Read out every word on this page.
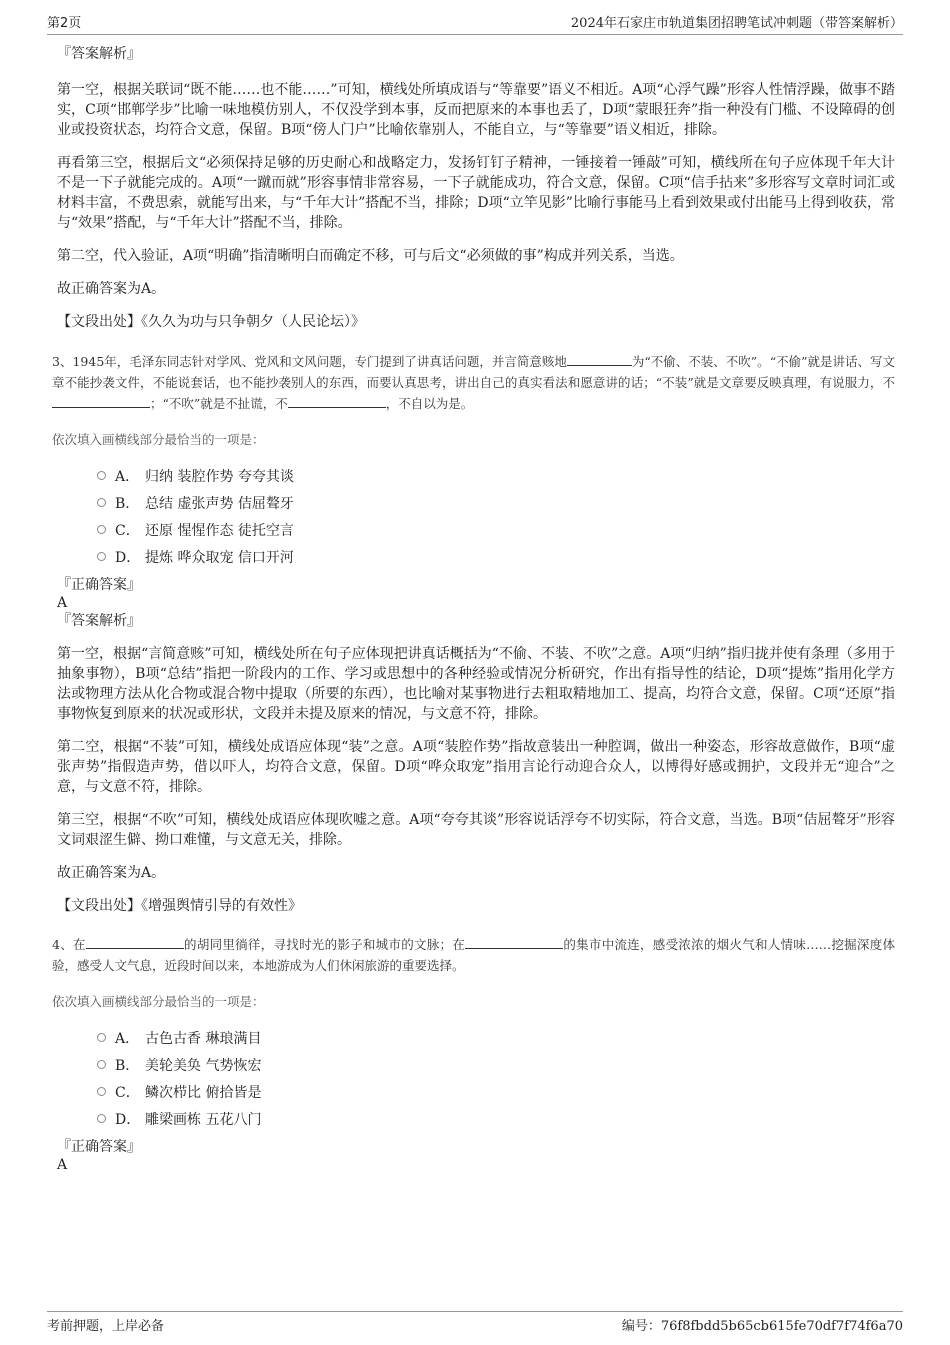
第2页	2024年石家庄市轨道集团招聘笔试冲刺题（带答案解析）

『答案解析』

第一空，根据关联词“既不能……也不能……”可知，横线处所填成语与“等靠要”语义不相近。A项“心浮气躁”形容人性情浮躁，做事不踏实，C项“邯郸学步”比喻一味地模仿别人，不仅没学到本事，反而把原来的本事也丢了，D项“蒙眼狂奔”指一种没有门槛、不设障碍的创业或投资状态，均符合文意，保留。B项“傍人门户”比喻依靠别人，不能自立，与“等靠要”语义相近，排除。

再看第三空，根据后文“必须保持足够的历史耐心和战略定力，发扬钉钉子精神，一锤接着一锤敲”可知，横线所在句子应体现千年大计不是一下子就能完成的。A项“一蹴而就”形容事情非常容易，一下子就能成功，符合文意，保留。C项“信手拈来”多形容写文章时词汇或材料丰富，不费思索，就能写出来，与“千年大计”搭配不当，排除；D项“立竿见影”比喻行事能马上看到效果或付出能马上得到收获，常与“效果”搭配，与“千年大计”搭配不当，排除。

第二空，代入验证，A项“明确”指清晰明白而确定不移，可与后文“必须做的事”构成并列关系，当选。

故正确答案为A。

【文段出处】《久久为功与只争朝夕（人民论坛）》

3、1945年，毛泽东同志针对学风、党风和文风问题，专门提到了讲真话问题，并言简意赅地	为“不偷、不装、不吹”。“不偷”就是讲话、写文章不能抄袭文件，不能说套话，也不能抄袭别人的东西，而要认真思考，讲出自己的真实看法和愿意讲的话；“不装”就是文章要反映真理，有说服力，不；“不吹”就是不扯谎，不	，不自以为是。

依次填入画横线部分最恰当的一项是：

A． 归纳 装腔作势 夸夸其谈
B． 总结 虚张声势 佶屈聱牙
C． 还原 惺惺作态 徒托空言
D． 提炼 哗众取宠 信口开河

『正确答案』

A

『答案解析』

第一空，根据“言简意赅”可知，横线处所在句子应体现把讲真话概括为“不偷、不装、不吹”之意。A项“归纳”指归拢并使有条理（多用于抽象事物），B项“总结”指把一阶段内的工作、学习或思想中的各种经验或情况分析研究，作出有指导性的结论，D项“提炼”指用化学方法或物理方法从化合物或混合物中提取（所要的东西），也比喻对某事物进行去粗取精地加工、提高，均符合文意，保留。C项“还原”指事物恢复到原来的状况或形状，文段并未提及原来的情况，与文意不符，排除。

第二空，根据“不装”可知，横线处成语应体现“装”之意。A项“装腔作势”指故意装出一种腔调，做出一种姿态，形容故意做作，B项“虚张声势”指假造声势，借以吓人，均符合文意，保留。D项“哗众取宠”指用言论行动迎合众人，以博得好感或拥护，文段并无“迎合”之意，与文意不符，排除。

第三空，根据“不吹”可知，横线处成语应体现吹嘘之意。A项“夸夸其谈”形容说话浮夸不切实际，符合文意，当选。B项“佶屈聱牙”形容文词艰涩生僻、拗口难懂，与文意无关，排除。

故正确答案为A。

【文段出处】《增强舆情引导的有效性》

4、在	的胡同里徜徉，寻找时光的影子和城市的文脉；在	的集市中流连，感受浓浓的烟火气和人情味……挖掘深度体验，感受人文气息，近段时间以来，本地游成为人们休闲旅游的重要选择。

依次填入画横线部分最恰当的一项是：

A． 古色古香 琳琅满目
B． 美轮美奂 气势恢宏
C． 鳞次栉比 俯拾皆是
D． 雕梁画栋 五花八门

『正确答案』

A

考前押题，上岸必备	编号：76f8fbdd5b65cb615fe70df7f74f6a70
